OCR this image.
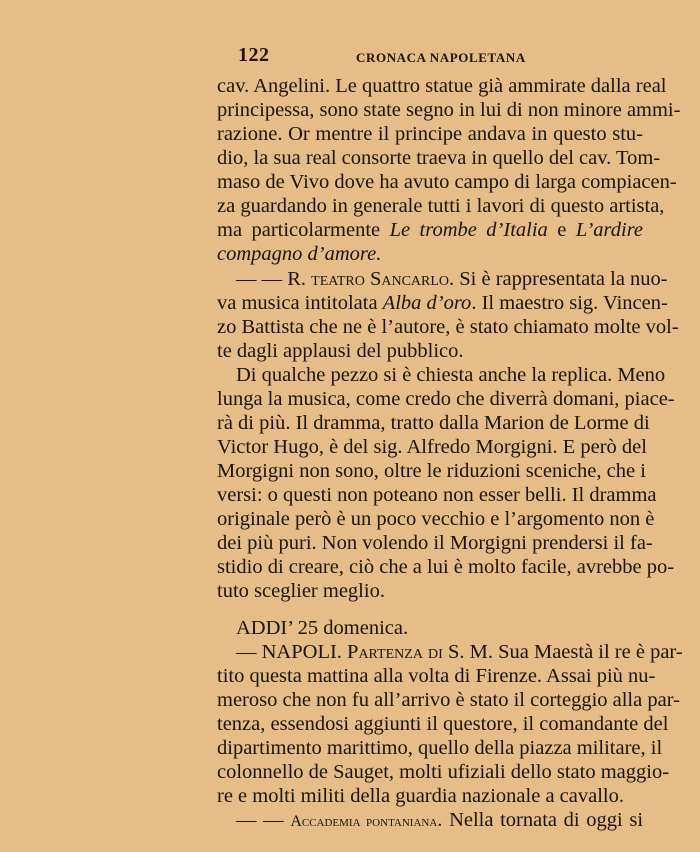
122	CRONACA NAPOLETANA
cav. Angelini. Le quattro statue già ammirate dalla real
principessa, sono state segno in lui di non minore ammi-
razione. Or mentre il principe andava in questo stu-
dio, la sua real consorte traeva in quello del cav. Tom-
maso de Vivo dove ha avuto campo di larga compiacen-
za guardando in generale tutti i lavori di questo artista,
ma particolarmente Le trombe d’Italia e L’ardire
compagno d’amore.
— — R. teatro Sancarlo. Si è rappresentata la nuo-
va musica intitolata Alba d’oro. Il maestro sig. Vincen-
zo Battista che ne è l’autore, è stato chiamato molte vol-
te dagli applausi del pubblico.
Di qualche pezzo si è chiesta anche la replica. Meno
lunga la musica, come credo che diverrà domani, piace-
rà di più. Il dramma, tratto dalla Marion de Lorme di
Victor Hugo, è del sig. Alfredo Morgigni. E però del
Morgigni non sono, oltre le riduzioni sceniche, che i
versi: o questi non poteano non esser belli. Il dramma
originale però è un poco vecchio e l’argomento non è
dei più puri. Non volendo il Morgigni prendersi il fa-
stidio di creare, ciò che a lui è molto facile, avrebbe po-
tuto sceglier meglio.
ADDI’ 25 domenica.
— NAPOLI. Partenza di S. M. Sua Maestà il re è par-
tito questa mattina alla volta di Firenze. Assai più nu-
meroso che non fu all’arrivo è stato il corteggio alla par-
tenza, essendosi aggiunti il questore, il comandante del
dipartimento marittimo, quello della piazza militare, il
colonnello de Sauget, molti ufiziali dello stato maggio-
re e molti militi della guardia nazionale a cavallo.
— — Accademia pontaniana. Nella tornata di oggi si
